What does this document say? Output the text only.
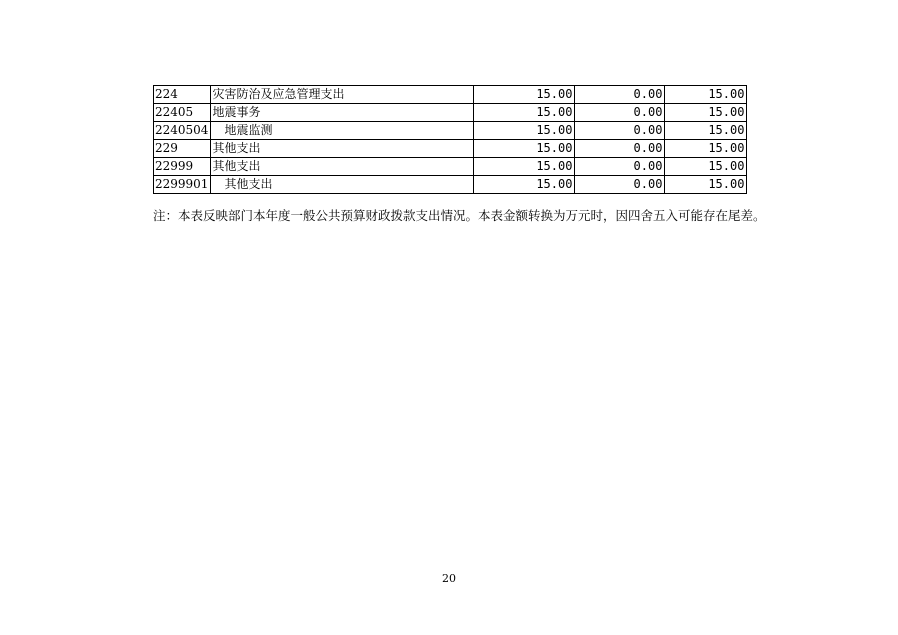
224	灾害防治及应急管理支出	15.00	0.00	15.00
22405	地震事务	15.00	0.00	15.00
2240504	地震监测	15.00	0.00	15.00
229	其他支出	15.00	0.00	15.00
22999	其他支出	15.00	0.00	15.00
2299901	其他支出	15.00	0.00	15.00
注：本表反映部门本年度一般公共预算财政拨款支出情况。本表金额转换为万元时，因四舍五入可能存在尾差。
20
